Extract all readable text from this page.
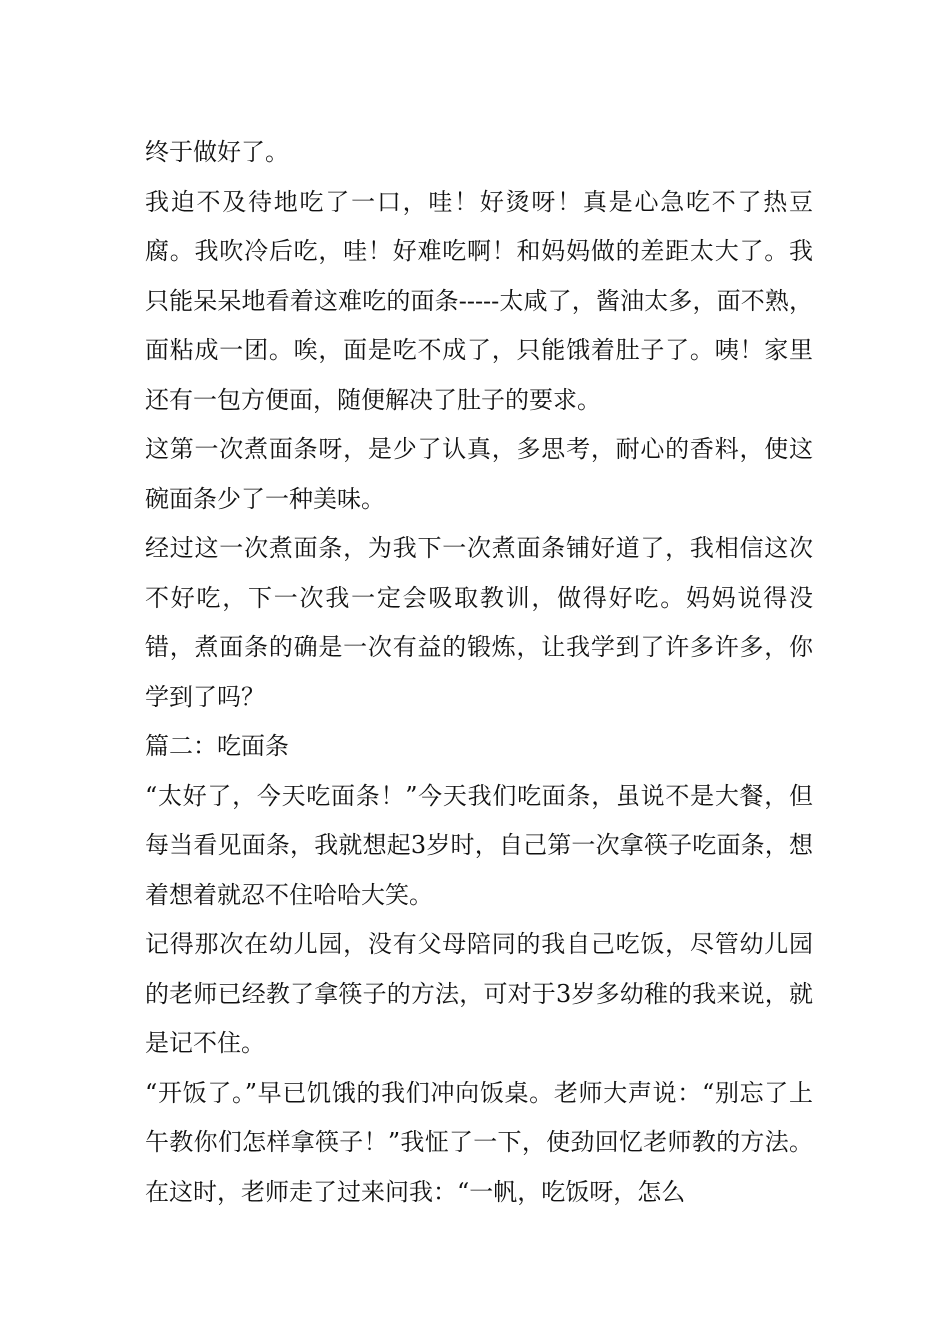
终于做好了。

我迫不及待地吃了一口，哇！好烫呀！真是心急吃不了热豆腐。我吹冷后吃，哇！好难吃啊！和妈妈做的差距太大了。我只能呆呆地看着这难吃的面条-----太咸了，酱油太多，面不熟，面粘成一团。唉，面是吃不成了，只能饿着肚子了。咦！家里还有一包方便面，随便解决了肚子的要求。

这第一次煮面条呀，是少了认真，多思考，耐心的香料，使这碗面条少了一种美味。

经过这一次煮面条，为我下一次煮面条铺好道了，我相信这次不好吃，下一次我一定会吸取教训，做得好吃。妈妈说得没错，煮面条的确是一次有益的锻炼，让我学到了许多许多，你学到了吗？

篇二：吃面条

“太好了，今天吃面条！”今天我们吃面条，虽说不是大餐，但每当看见面条，我就想起3岁时，自己第一次拿筷子吃面条，想着想着就忍不住哈哈大笑。

记得那次在幼儿园，没有父母陪同的我自己吃饭，尽管幼儿园的老师已经教了拿筷子的方法，可对于3岁多幼稚的我来说，就是记不住。

“开饭了。”早已饥饿的我们冲向饭桌。老师大声说：“别忘了上午教你们怎样拿筷子！”我怔了一下，使劲回忆老师教的方法。在这时，老师走了过来问我：“一帆，吃饭呀，怎么
